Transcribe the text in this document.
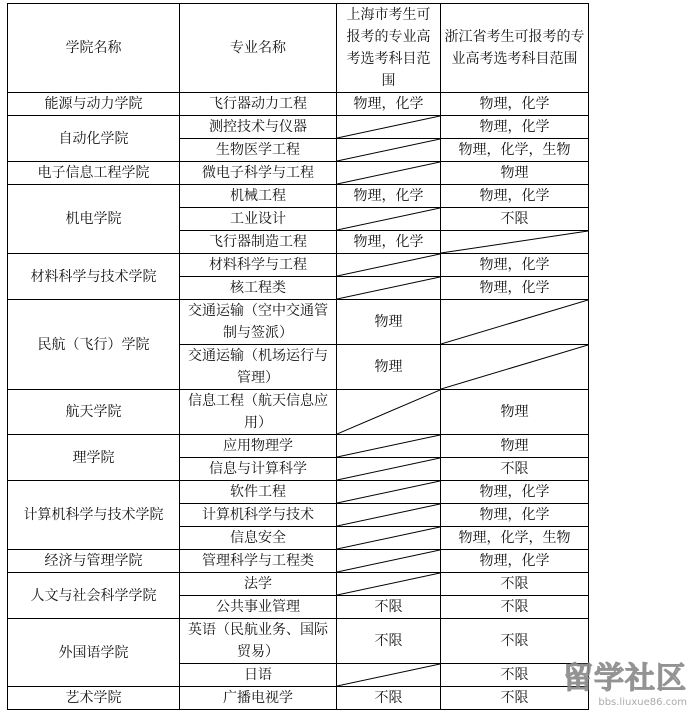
学院名称	专业名称	上海市考生可报考的专业高考选考科目范围	浙江省考生可报考的专业高考选考科目范围
能源与动力学院	飞行器动力工程	物理，化学	物理，化学
自动化学院	测控技术与仪器		物理，化学
	生物医学工程		物理，化学，生物
电子信息工程学院	微电子科学与工程		物理
机电学院	机械工程	物理，化学	物理，化学
	工业设计		不限
	飞行器制造工程	物理，化学	

材料科学与技术学院	材料科学与工程		物理，化学
	核工程类		物理，化学
民航（飞行）学院	交通运输（空中交通管制与签派）	物理	

	交通运输（机场运行与管理）	物理	

航天学院	信息工程（航天信息应用）		物理
理学院	应用物理学		物理
	信息与计算科学		不限
计算机科学与技术学院	软件工程		物理，化学
	计算机科学与技术		物理，化学
	信息安全		物理，化学，生物
经济与管理学院	管理科学与工程类		物理，化学
人文与社会科学学院	法学		不限
	公共事业管理	不限	不限
外国语学院	英语（民航业务、国际贸易）	不限	不限
	日语		不限
艺术学院	广播电视学	不限	不限
留学社区
bbs.liuxue86.com
